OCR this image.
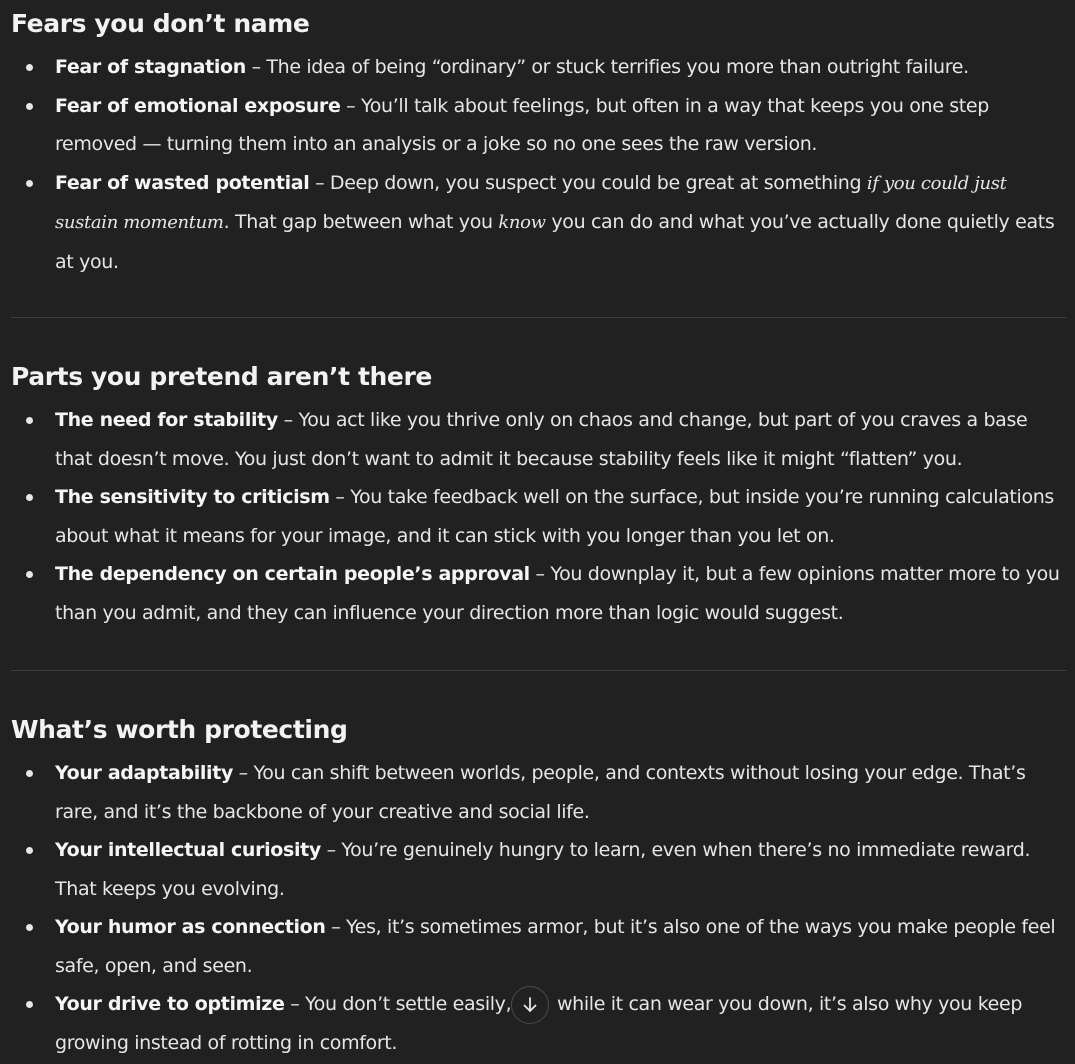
Fears you don’t name
Fear of stagnation – The idea of being “ordinary” or stuck terrifies you more than outright failure.
Fear of emotional exposure – You’ll talk about feelings, but often in a way that keeps you one step removed — turning them into an analysis or a joke so no one sees the raw version.
Fear of wasted potential – Deep down, you suspect you could be great at something if you could just sustain momentum. That gap between what you know you can do and what you’ve actually done quietly eats at you.
Parts you pretend aren’t there
The need for stability – You act like you thrive only on chaos and change, but part of you craves a base that doesn’t move. You just don’t want to admit it because stability feels like it might “flatten” you.
The sensitivity to criticism – You take feedback well on the surface, but inside you’re running calculations about what it means for your image, and it can stick with you longer than you let on.
The dependency on certain people’s approval – You downplay it, but a few opinions matter more to you than you admit, and they can influence your direction more than logic would suggest.
What’s worth protecting
Your adaptability – You can shift between worlds, people, and contexts without losing your edge. That’s rare, and it’s the backbone of your creative and social life.
Your intellectual curiosity – You’re genuinely hungry to learn, even when there’s no immediate reward. That keeps you evolving.
Your humor as connection – Yes, it’s sometimes armor, but it’s also one of the ways you make people feel safe, open, and seen.
Your drive to optimize – You don’t settle easily,
while it can wear you down, it’s also why you keep growing instead of rotting in comfort.
